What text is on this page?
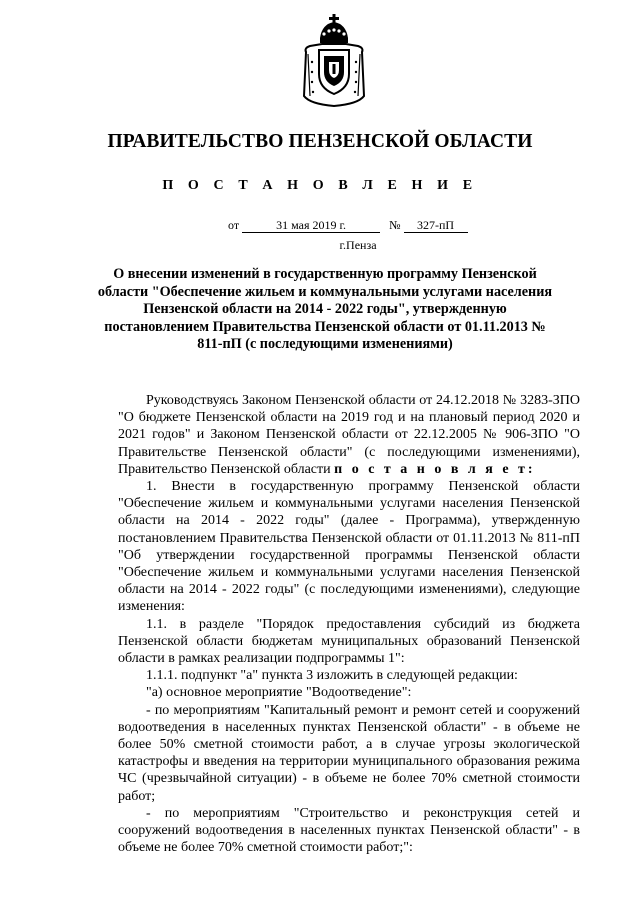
ПРАВИТЕЛЬСТВО ПЕНЗЕНСКОЙ ОБЛАСТИ
П О С Т А Н О В Л Е Н И Е
от	31 мая 2019 г.	№ 327-пП
г.Пенза
О внесении изменений в государственную программу Пензенской области "Обеспечение жильем и коммунальными услугами населения Пензенской области на 2014 - 2022 годы", утвержденную постановлением Правительства Пензенской области от 01.11.2013 № 811-пП (с последующими изменениями)

Руководствуясь Законом Пензенской области от 24.12.2018 № 3283-ЗПО "О бюджете Пензенской области на 2019 год и на плановый период 2020 и 2021 годов" и Законом Пензенской области от 22.12.2005 № 906-ЗПО "О Правительстве Пензенской области" (с последующими изменениями), Правительство Пензенской области п о с т а н о в л я е т:

1. Внести в государственную программу Пензенской области "Обеспечение жильем и коммунальными услугами населения Пензенской области на 2014 - 2022 годы" (далее - Программа), утвержденную постановлением Правительства Пензенской области от 01.11.2013 № 811-пП "Об утверждении государственной программы Пензенской области "Обеспечение жильем и коммунальными услугами населения Пензенской области на 2014 - 2022 годы" (с последующими изменениями), следующие изменения:

1.1. в разделе "Порядок предоставления субсидий из бюджета Пензенской области бюджетам муниципальных образований Пензенской области в рамках реализации подпрограммы 1":

1.1.1. подпункт "а" пункта 3 изложить в следующей редакции:

"а) основное мероприятие "Водоотведение":

- по мероприятиям "Капитальный ремонт и ремонт сетей и сооружений водоотведения в населенных пунктах Пензенской области" - в объеме не более 50% сметной стоимости работ, а в случае угрозы экологической катастрофы и введения на территории муниципального образования режима ЧС (чрезвычайной ситуации) - в объеме не более 70% сметной стоимости работ;

- по мероприятиям "Строительство и реконструкция сетей и сооружений водоотведения в населенных пунктах Пензенской области" - в объеме не более 70% сметной стоимости работ;":
